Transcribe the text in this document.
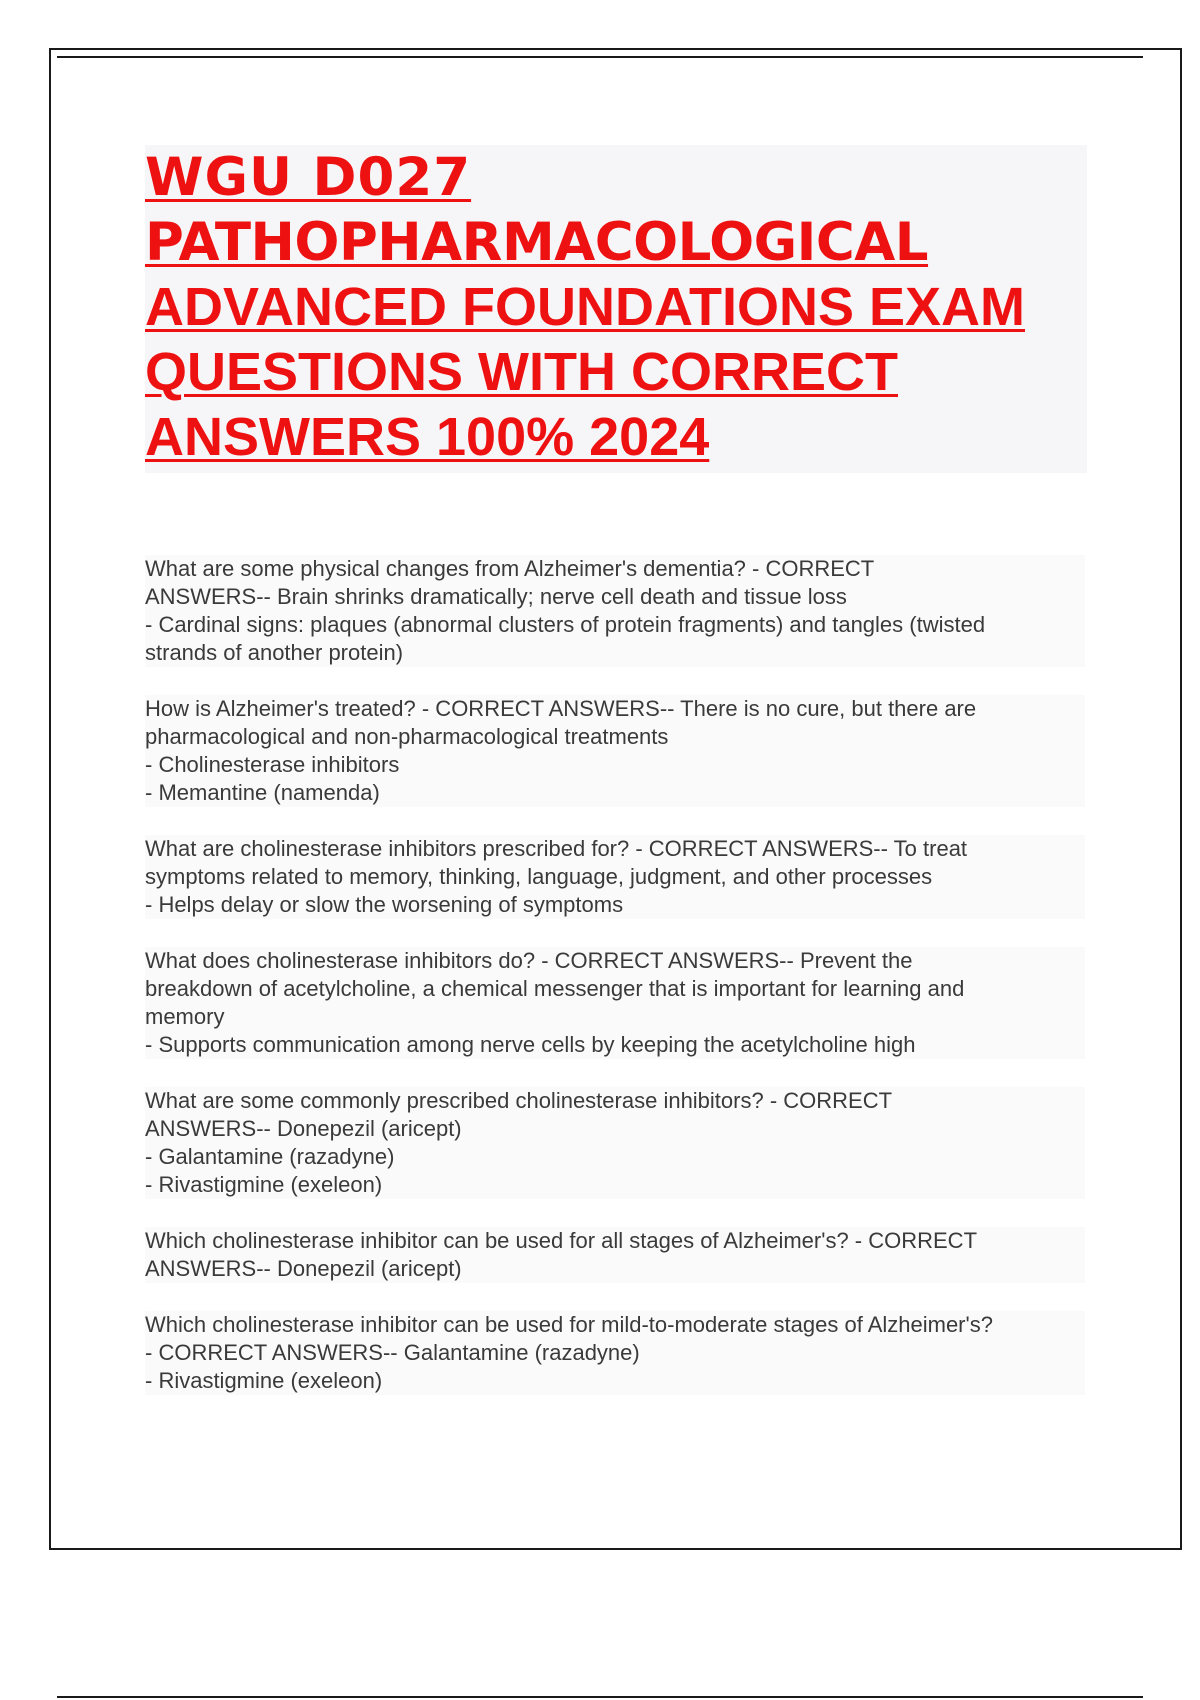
WGU D027
PATHOPHARMACOLOGICAL
ADVANCED FOUNDATIONS EXAM
QUESTIONS WITH CORRECT
ANSWERS 100% 2024
What are some physical changes from Alzheimer's dementia? - CORRECT
ANSWERS-- Brain shrinks dramatically; nerve cell death and tissue loss
- Cardinal signs: plaques (abnormal clusters of protein fragments) and tangles (twisted
strands of another protein)
How is Alzheimer's treated? - CORRECT ANSWERS-- There is no cure, but there are
pharmacological and non-pharmacological treatments
- Cholinesterase inhibitors
- Memantine (namenda)
What are cholinesterase inhibitors prescribed for? - CORRECT ANSWERS-- To treat
symptoms related to memory, thinking, language, judgment, and other processes
- Helps delay or slow the worsening of symptoms
What does cholinesterase inhibitors do? - CORRECT ANSWERS-- Prevent the
breakdown of acetylcholine, a chemical messenger that is important for learning and
memory
- Supports communication among nerve cells by keeping the acetylcholine high
What are some commonly prescribed cholinesterase inhibitors? - CORRECT
ANSWERS-- Donepezil (aricept)
- Galantamine (razadyne)
- Rivastigmine (exeleon)
Which cholinesterase inhibitor can be used for all stages of Alzheimer's? - CORRECT
ANSWERS-- Donepezil (aricept)
Which cholinesterase inhibitor can be used for mild-to-moderate stages of Alzheimer's?
- CORRECT ANSWERS-- Galantamine (razadyne)
- Rivastigmine (exeleon)
